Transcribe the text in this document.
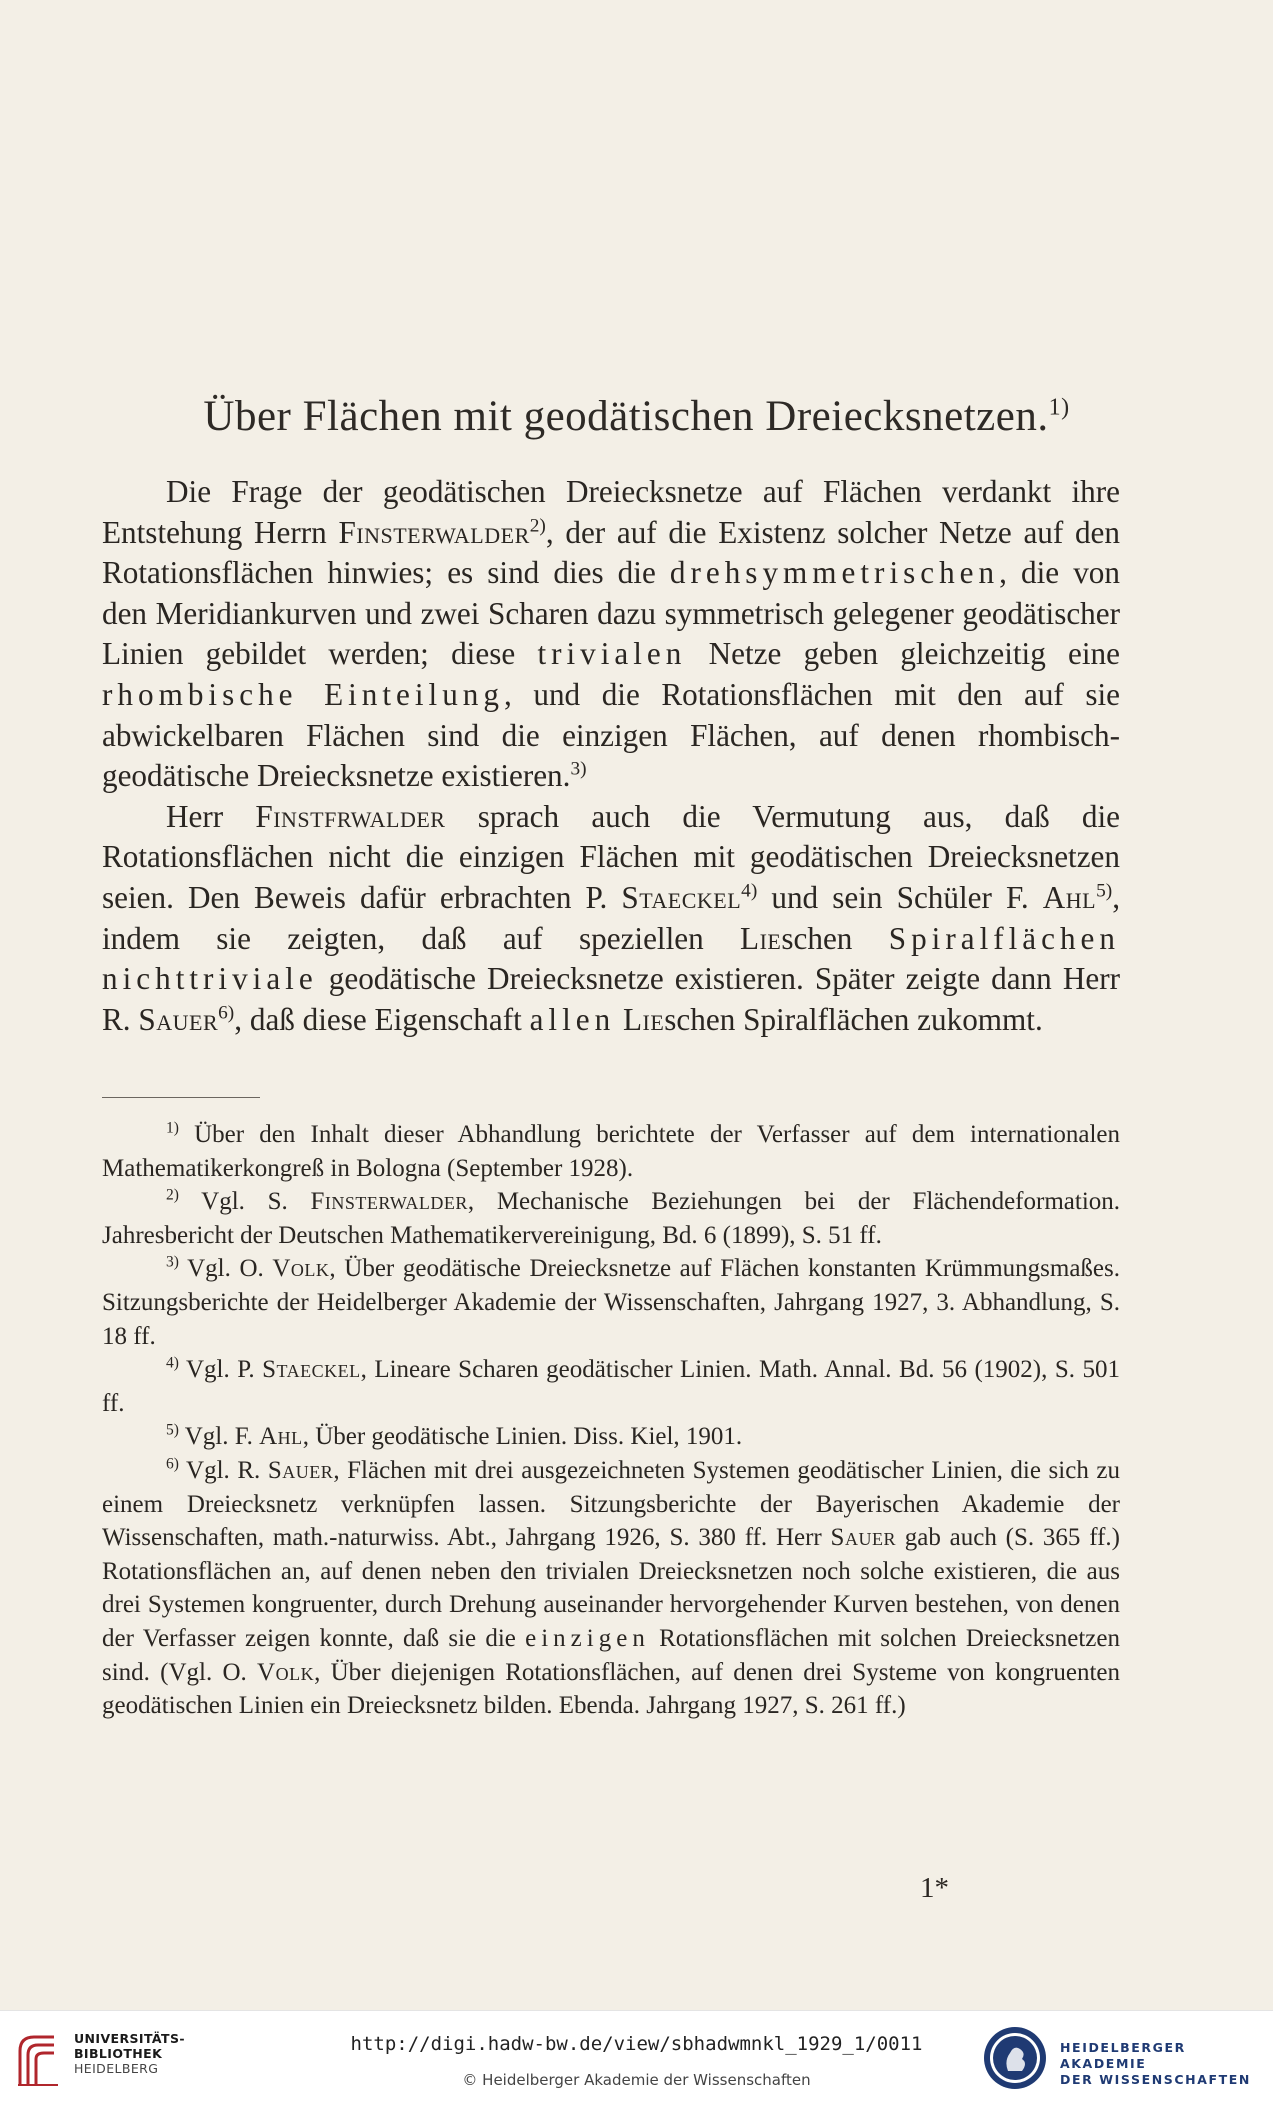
Über Flächen mit geodätischen Dreiecksnetzen.$^{1)}$

Die Frage der geodätischen Dreiecksnetze auf Flächen verdankt ihre Entstehung Herrn Finsterwalder$^{2)}$, der auf die Existenz solcher Netze auf den Rotationsflächen hinwies; es sind dies die drehsymmetrischen, die von den Meridiankurven und zwei Scharen dazu symmetrisch gelegener geodätischer Linien gebildet werden; diese trivialen Netze geben gleichzeitig eine rhombische Einteilung, und die Rotationsflächen mit den auf sie abwickelbaren Flächen sind die einzigen Flächen, auf denen rhombisch-geodätische Dreiecksnetze existieren.$^{3)}$

Herr Finstfrwalder sprach auch die Vermutung aus, daß die Rotationsflächen nicht die einzigen Flächen mit geodätischen Dreiecksnetzen seien. Den Beweis dafür erbrachten P. Staeckel$^{4)}$ und sein Schüler F. Ahl$^{5)}$, indem sie zeigten, daß auf speziellen Lieschen Spiralflächen nichttriviale geodätische Dreiecksnetze existieren. Später zeigte dann Herr R. Sauer$^{6)}$, daß diese Eigenschaft allen Lieschen Spiralflächen zukommt.

$^{1)}$ Über den Inhalt dieser Abhandlung berichtete der Verfasser auf dem internationalen Mathematikerkongreß in Bologna (September 1928).

$^{2)}$ Vgl. S. Finsterwalder, Mechanische Beziehungen bei der Flächendeformation. Jahresbericht der Deutschen Mathematikervereinigung, Bd. 6 (1899), S. 51 ff.

$^{3)}$ Vgl. O. Volk, Über geodätische Dreiecksnetze auf Flächen konstanten Krümmungsmaßes. Sitzungsberichte der Heidelberger Akademie der Wissenschaften, Jahrgang 1927, 3. Abhandlung, S. 18 ff.

$^{4)}$ Vgl. P. Staeckel, Lineare Scharen geodätischer Linien. Math. Annal. Bd. 56 (1902), S. 501 ff.

$^{5)}$ Vgl. F. Ahl, Über geodätische Linien. Diss. Kiel, 1901.

$^{6)}$ Vgl. R. Sauer, Flächen mit drei ausgezeichneten Systemen geodätischer Linien, die sich zu einem Dreiecksnetz verknüpfen lassen. Sitzungsberichte der Bayerischen Akademie der Wissenschaften, math.-naturwiss. Abt., Jahrgang 1926, S. 380 ff. Herr Sauer gab auch (S. 365 ff.) Rotationsflächen an, auf denen neben den trivialen Dreiecksnetzen noch solche existieren, die aus drei Systemen kongruenter, durch Drehung auseinander hervorgehender Kurven bestehen, von denen der Verfasser zeigen konnte, daß sie die einzigen Rotationsflächen mit solchen Dreiecksnetzen sind. (Vgl. O. Volk, Über diejenigen Rotationsflächen, auf denen drei Systeme von kongruenten geodätischen Linien ein Dreiecksnetz bilden. Ebenda. Jahrgang 1927, S. 261 ff.)

1*
UNIVERSITÄTS-
BIBLIOTHEK
HEIDELBERG
http://digi.hadw-bw.de/view/sbhadwmnkl_1929_1/0011
© Heidelberger Akademie der Wissenschaften
HEIDELBERGER AKADEMIE
DER WISSENSCHAFTEN
